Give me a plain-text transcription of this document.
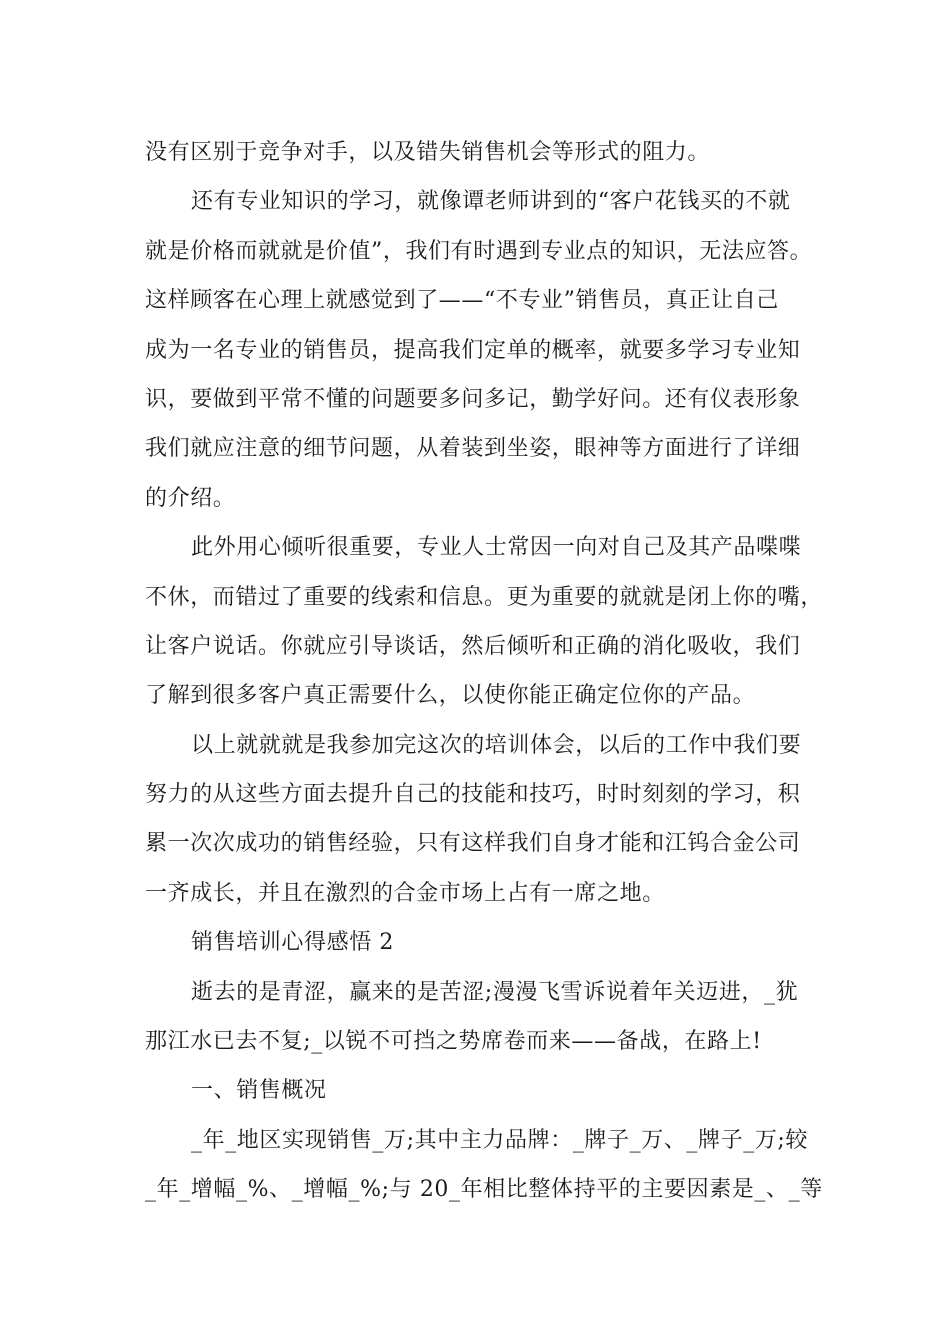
没有区别于竞争对手，以及错失销售机会等形式的阻力。
还有专业知识的学习，就像谭老师讲到的“客户花钱买的不就
就是价格而就就是价值”，我们有时遇到专业点的知识，无法应答。
这样顾客在心理上就感觉到了——“不专业”销售员，真正让自己
成为一名专业的销售员，提高我们定单的概率，就要多学习专业知
识，要做到平常不懂的问题要多问多记，勤学好问。还有仪表形象
我们就应注意的细节问题，从着装到坐姿，眼神等方面进行了详细
的介绍。
此外用心倾听很重要，专业人士常因一向对自己及其产品喋喋
不休，而错过了重要的线索和信息。更为重要的就就是闭上你的嘴，
让客户说话。你就应引导谈话，然后倾听和正确的消化吸收，我们
了解到很多客户真正需要什么，以使你能正确定位你的产品。
以上就就就是我参加完这次的培训体会，以后的工作中我们要
努力的从这些方面去提升自己的技能和技巧，时时刻刻的学习，积
累一次次成功的销售经验，只有这样我们自身才能和江钨合金公司
一齐成长，并且在激烈的合金市场上占有一席之地。
销售培训心得感悟 2
逝去的是青涩，赢来的是苦涩;漫漫飞雪诉说着年关迈进，_犹
那江水已去不复;_以锐不可挡之势席卷而来——备战，在路上!
一、销售概况
_年_地区实现销售_万;其中主力品牌：_牌子_万、_牌子_万;较
_年_增幅_%、_增幅_%;与 20_年相比整体持平的主要因素是_、_等
